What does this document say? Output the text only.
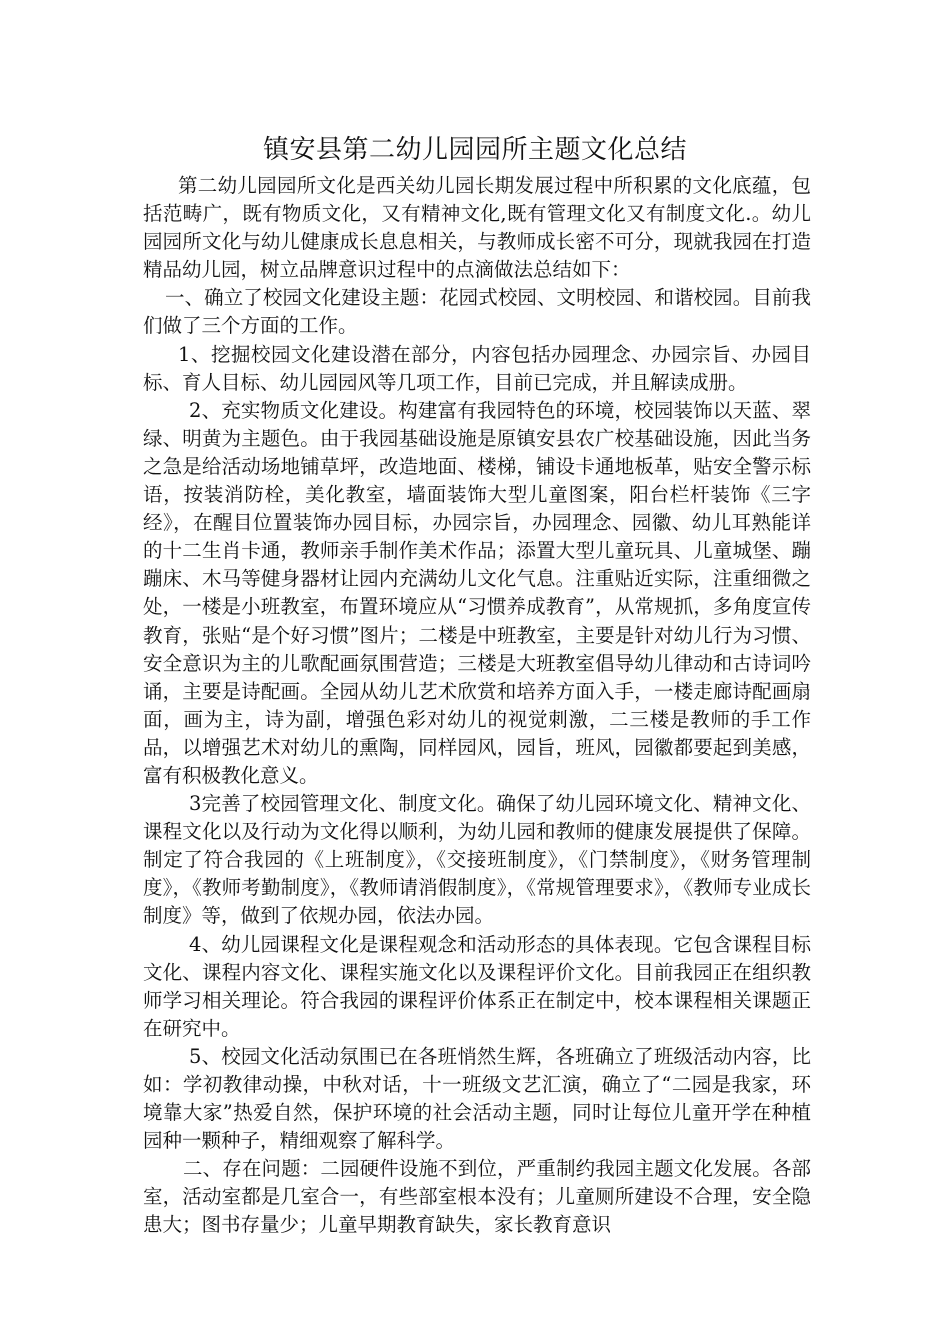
镇安县第二幼儿园园所主题文化总结

第二幼儿园园所文化是西关幼儿园长期发展过程中所积累的文化底蕴，包括范畴广，既有物质文化，又有精神文化,既有管理文化又有制度文化.。幼儿园园所文化与幼儿健康成长息息相关，与教师成长密不可分，现就我园在打造精品幼儿园，树立品牌意识过程中的点滴做法总结如下：

一、确立了校园文化建设主题：花园式校园、文明校园、和谐校园。目前我们做了三个方面的工作。

1、挖掘校园文化建设潜在部分，内容包括办园理念、办园宗旨、办园目标、育人目标、幼儿园园风等几项工作，目前已完成，并且解读成册。

2、充实物质文化建设。构建富有我园特色的环境，校园装饰以天蓝、翠绿、明黄为主题色。由于我园基础设施是原镇安县农广校基础设施，因此当务之急是给活动场地铺草坪，改造地面、楼梯，铺设卡通地板革，贴安全警示标语，按装消防栓，美化教室，墙面装饰大型儿童图案，阳台栏杆装饰《三字经》，在醒目位置装饰办园目标，办园宗旨，办园理念、园徽、幼儿耳熟能详的十二生肖卡通，教师亲手制作美术作品；添置大型儿童玩具、儿童城堡、蹦蹦床、木马等健身器材让园内充满幼儿文化气息。注重贴近实际，注重细微之处，一楼是小班教室，布置环境应从“习惯养成教育”，从常规抓，多角度宣传教育，张贴“是个好习惯”图片；二楼是中班教室，主要是针对幼儿行为习惯、安全意识为主的儿歌配画氛围营造；三楼是大班教室倡导幼儿律动和古诗词吟诵，主要是诗配画。全园从幼儿艺术欣赏和培养方面入手，一楼走廊诗配画扇面，画为主，诗为副，增强色彩对幼儿的视觉刺激，二三楼是教师的手工作品，以增强艺术对幼儿的熏陶，同样园风，园旨，班风，园徽都要起到美感，富有积极教化意义。

3完善了校园管理文化、制度文化。确保了幼儿园环境文化、精神文化、课程文化以及行动为文化得以顺利，为幼儿园和教师的健康发展提供了保障。制定了符合我园的《上班制度》，《交接班制度》，《门禁制度》，《财务管理制度》，《教师考勤制度》，《教师请消假制度》，《常规管理要求》，《教师专业成长制度》等，做到了依规办园，依法办园。

4、幼儿园课程文化是课程观念和活动形态的具体表现。它包含课程目标文化、课程内容文化、课程实施文化以及课程评价文化。目前我园正在组织教师学习相关理论。符合我园的课程评价体系正在制定中，校本课程相关课题正在研究中。

5、校园文化活动氛围已在各班悄然生辉，各班确立了班级活动内容，比如：学初教律动操，中秋对话，十一班级文艺汇演，确立了“二园是我家，环境靠大家”热爱自然，保护环境的社会活动主题，同时让每位儿童开学在种植园种一颗种子，精细观察了解科学。

二、存在问题：二园硬件设施不到位，严重制约我园主题文化发展。各部室，活动室都是几室合一，有些部室根本没有；儿童厕所建设不合理，安全隐患大；图书存量少；儿童早期教育缺失，家长教育意识
